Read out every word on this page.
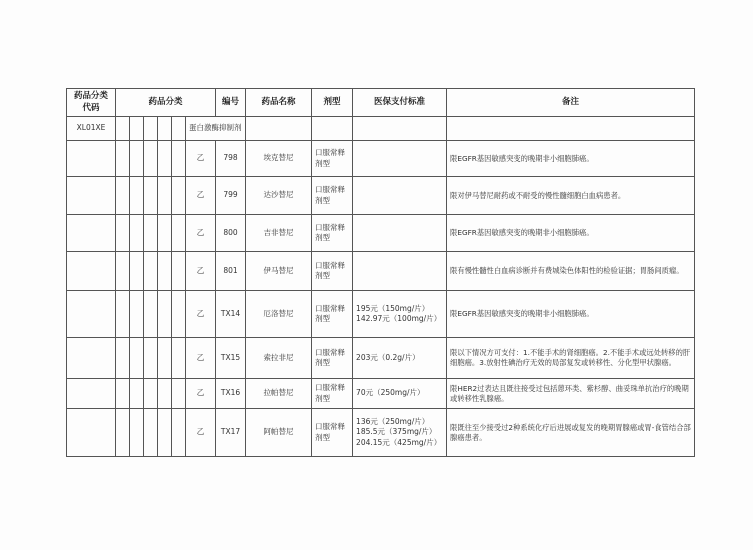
药品分类代码	药品分类						编号	药品名称	剂型	医保支付标准	备注
XL01XE						蛋白激酶抑制剂					
						乙	798	埃克替尼	口服常释剂型		限EGFR基因敏感突变的晚期非小细胞肺癌。
						乙	799	达沙替尼	口服常释剂型		限对伊马替尼耐药或不耐受的慢性髓细胞白血病患者。
						乙	800	吉非替尼	口服常释剂型		限EGFR基因敏感突变的晚期非小细胞肺癌。
						乙	801	伊马替尼	口服常释剂型		限有慢性髓性白血病诊断并有费城染色体阳性的检验证据；胃肠间质瘤。
						乙	TX14	厄洛替尼	口服常释剂型	195元（150mg/片）
142.97元（100mg/片）	限EGFR基因敏感突变的晚期非小细胞肺癌。
						乙	TX15	索拉非尼	口服常释剂型	203元（0.2g/片）	限以下情况方可支付：1.不能手术的肾细胞癌。2.不能手术或远处转移的肝细胞癌。3.放射性碘治疗无效的局部复发或转移性、分化型甲状腺癌。
						乙	TX16	拉帕替尼	口服常释剂型	70元（250mg/片）	限HER2过表达且既往接受过包括蒽环类、紫杉醇、曲妥珠单抗治疗的晚期或转移性乳腺癌。
						乙	TX17	阿帕替尼	口服常释剂型	136元（250mg/片）
185.5元（375mg/片）
204.15元（425mg/片）	限既往至少接受过2种系统化疗后进展或复发的晚期胃腺癌或胃-食管结合部腺癌患者。
